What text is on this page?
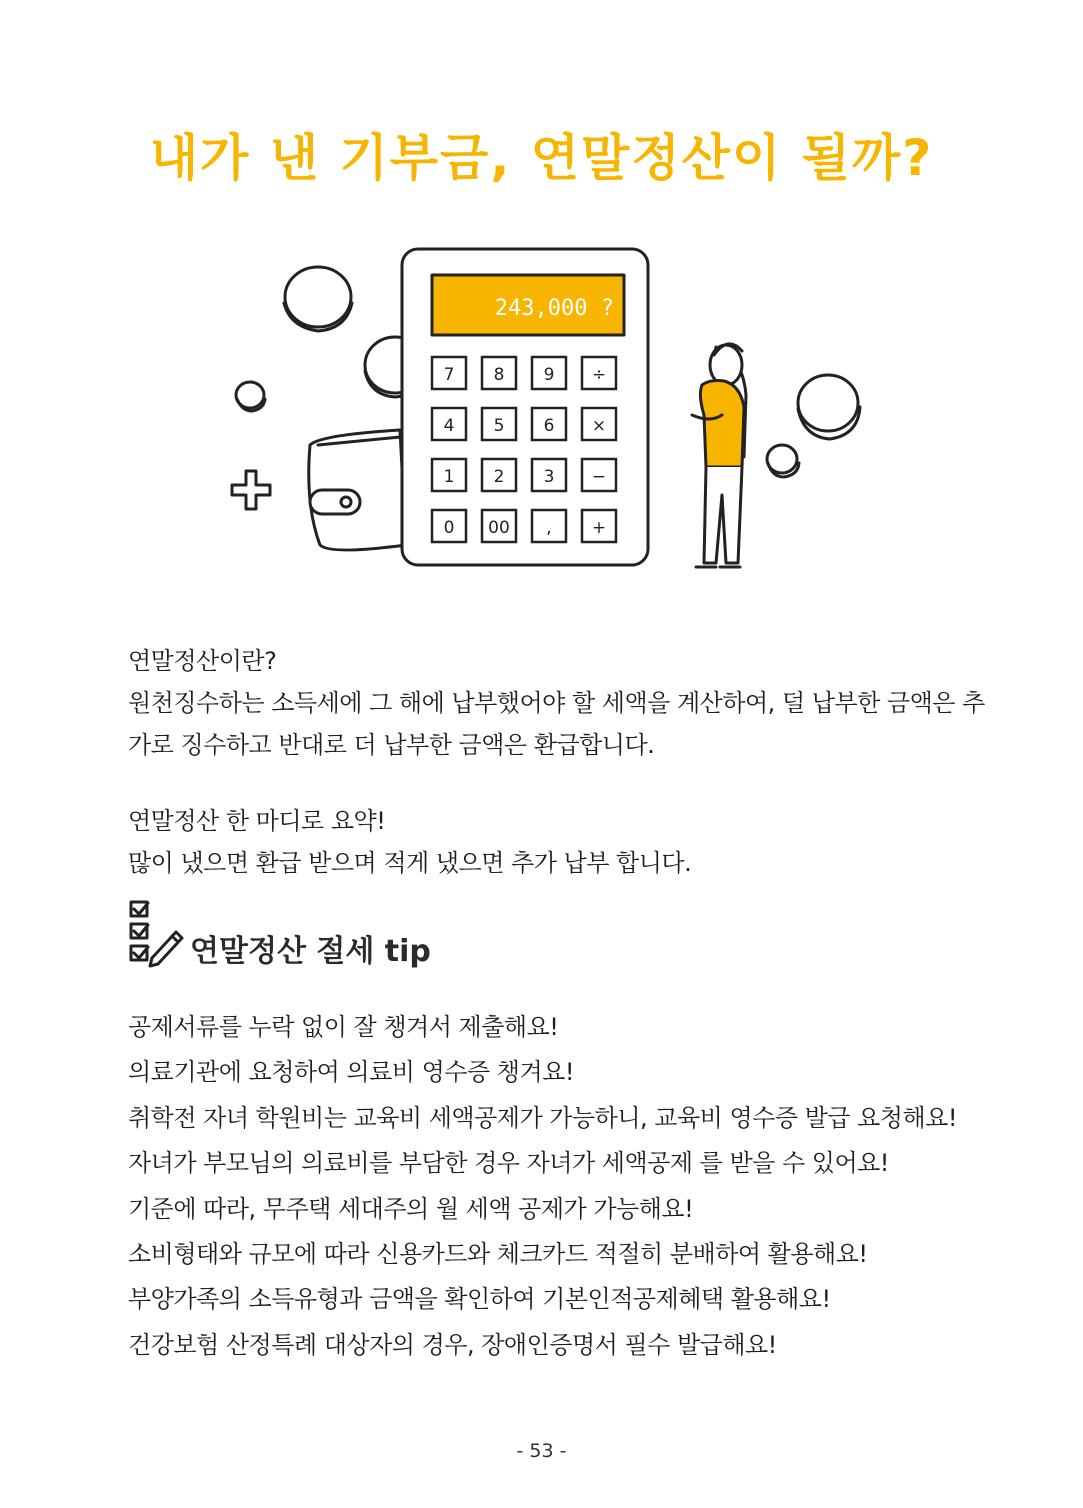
내가 낸 기부금, 연말정산이 될까?
243,000 ?
7 8 9 ÷
4 5 6 ×
1 2 3 −
0 00 , +

연말정산이란?

원천징수하는 소득세에 그 해에 납부했어야 할 세액을 계산하여, 덜 납부한 금액은 추

가로 징수하고 반대로 더 납부한 금액은 환급합니다.

연말정산 한 마디로 요약!

많이 냈으면 환급 받으며 적게 냈으면 추가 납부 합니다.

연말정산 절세 tip

공제서류를 누락 없이 잘 챙겨서 제출해요!

의료기관에 요청하여 의료비 영수증 챙겨요!

취학전 자녀 학원비는 교육비 세액공제가 가능하니, 교육비 영수증 발급 요청해요!

자녀가 부모님의 의료비를 부담한 경우 자녀가 세액공제 를 받을 수 있어요!

기준에 따라, 무주택 세대주의 월 세액 공제가 가능해요!

소비형태와 규모에 따라 신용카드와 체크카드 적절히 분배하여 활용해요!

부양가족의 소득유형과 금액을 확인하여 기본인적공제혜택 활용해요!

건강보험 산정특례 대상자의 경우, 장애인증명서 필수 발급해요!

- 53 -
